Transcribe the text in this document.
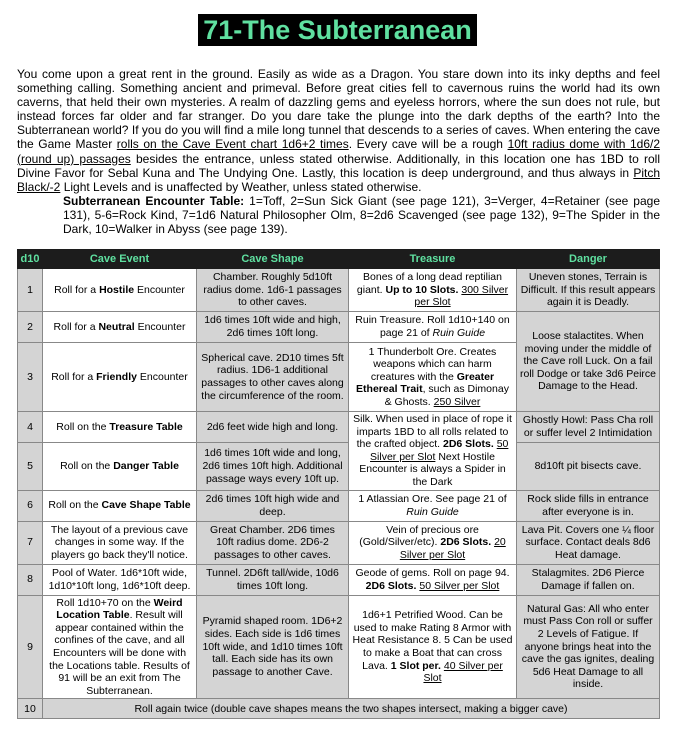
71-The Subterranean
You come upon a great rent in the ground. Easily as wide as a Dragon. You stare down into its inky depths and feel something calling. Something ancient and primeval. Before great cities fell to cavernous ruins the world had its own caverns, that held their own mysteries. A realm of dazzling gems and eyeless horrors, where the sun does not rule, but instead forces far older and far stranger. Do you dare take the plunge into the dark depths of the earth? Into the Subterranean world? If you do you will find a mile long tunnel that descends to a series of caves. When entering the cave the Game Master rolls on the Cave Event chart 1d6+2 times. Every cave will be a rough 10ft radius dome with 1d6/2 (round up) passages besides the entrance, unless stated otherwise. Additionally, in this location one has 1BD to roll Divine Favor for Sebal Kuna and The Undying One. Lastly, this location is deep underground, and thus always in Pitch Black/-2 Light Levels and is unaffected by Weather, unless stated otherwise.
Subterranean Encounter Table: 1=Toff, 2=Sun Sick Giant (see page 121), 3=Verger, 4=Retainer (see page 131), 5-6=Rock Kind, 7=1d6 Natural Philosopher Olm, 8=2d6 Scavenged (see page 132), 9=The Spider in the Dark, 10=Walker in Abyss (see page 139).
d10	Cave Event	Cave Shape	Treasure	Danger
1	Roll for a Hostile Encounter	Chamber. Roughly 5d10ft radius dome. 1d6-1 passages to other caves.	Bones of a long dead reptilian giant. Up to 10 Slots. 300 Silver per Slot	Uneven stones, Terrain is Difficult. If this result appears again it is Deadly.
2	Roll for a Neutral Encounter	1d6 times 10ft wide and high, 2d6 times 10ft long.	Ruin Treasure. Roll 1d10+140 on page 21 of Ruin Guide	Loose stalactites. When moving under the middle of the Cave roll Luck. On a fail roll Dodge or take 3d6 Peirce Damage to the Head.
3	Roll for a Friendly Encounter	Spherical cave. 2D10 times 5ft radius. 1D6-1 additional passages to other caves along the circumference of the room.	1 Thunderbolt Ore. Creates weapons which can harm creatures with the Greater Ethereal Trait, such as Dimonay & Ghosts. 250 Silver	
4	Roll on the Treasure Table	2d6 feet wide high and long.	Silk. When used in place of rope it imparts 1BD to all rolls related to the crafted object. 2D6 Slots. 50 Silver per Slot Next Hostile Encounter is always a Spider in the Dark	Ghostly Howl: Pass Cha roll or suffer level 2 Intimidation
5	Roll on the Danger Table	1d6 times 10ft wide and long, 2d6 times 10ft high. Additional passage ways every 10ft up.		8d10ft pit bisects cave.
6	Roll on the Cave Shape Table	2d6 times 10ft high wide and deep.	1 Atlassian Ore. See page 21 of Ruin Guide	Rock slide fills in entrance after everyone is in.
7	The layout of a previous cave changes in some way. If the players go back they'll notice.	Great Chamber. 2D6 times 10ft radius dome. 2D6-2 passages to other caves.	Vein of precious ore (Gold/Silver/etc). 2D6 Slots. 20 Silver per Slot	Lava Pit. Covers one ¼ floor surface. Contact deals 8d6 Heat damage.
8	Pool of Water. 1d6*10ft wide, 1d10*10ft long, 1d6*10ft deep.	Tunnel. 2D6ft tall/wide, 10d6 times 10ft long.	Geode of gems. Roll on page 94. 2D6 Slots. 50 Silver per Slot	Stalagmites. 2D6 Pierce Damage if fallen on.
9	Roll 1d10+70 on the Weird Location Table. Result will appear contained within the confines of the cave, and all Encounters will be done with the Locations table. Results of 91 will be an exit from The Subterranean.	Pyramid shaped room. 1D6+2 sides. Each side is 1d6 times 10ft wide, and 1d10 times 10ft tall. Each side has its own passage to another Cave.	1d6+1 Petrified Wood. Can be used to make Rating 8 Armor with Heat Resistance 8. 5 Can be used to make a Boat that can cross Lava. 1 Slot per. 40 Silver per Slot	Natural Gas: All who enter must Pass Con roll or suffer 2 Levels of Fatigue. If anyone brings heat into the cave the gas ignites, dealing 5d6 Heat Damage to all inside.
10	Roll again twice (double cave shapes means the two shapes intersect, making a bigger cave)			
